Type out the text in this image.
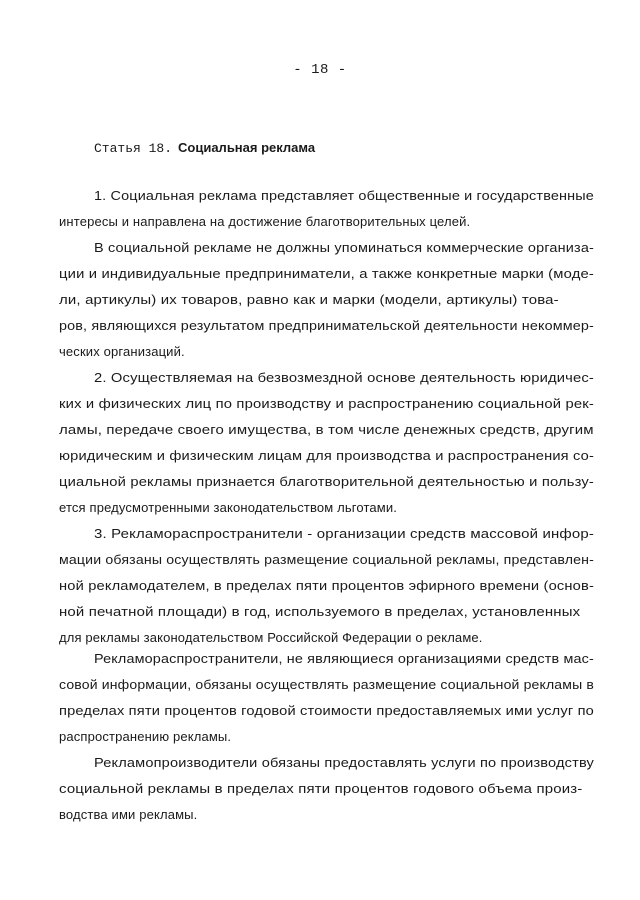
- 18 -
Статья 18. Социальная реклама
1. Социальная реклама представляет общественные и государственные
интересы и направлена на достижение благотворительных целей.
В социальной рекламе не должны упоминаться коммерческие организа-
ции и индивидуальные предприниматели, а также конкретные марки (моде-
ли, артикулы) их товаров, равно как и марки (модели, артикулы) това-
ров, являющихся результатом предпринимательской деятельности некоммер-
ческих организаций.
2. Осуществляемая на безвозмездной основе деятельность юридичес-
ких и физических лиц по производству и распространению социальной рек-
ламы, передаче своего имущества, в том числе денежных средств, другим
юридическим и физическим лицам для производства и распространения со-
циальной рекламы признается благотворительной деятельностью и пользу-
ется предусмотренными законодательством льготами.
3. Рекламораспространители - организации средств массовой инфор-
мации обязаны осуществлять размещение социальной рекламы, представлен-
ной рекламодателем, в пределах пяти процентов эфирного времени (основ-
ной печатной площади) в год, используемого в пределах, установленных
для рекламы законодательством Российской Федерации о рекламе.
Рекламораспространители, не являющиеся организациями средств мас-
совой информации, обязаны осуществлять размещение социальной рекламы в
пределах пяти процентов годовой стоимости предоставляемых ими услуг по
распространению рекламы.
Рекламопроизводители обязаны предоставлять услуги по производству
социальной рекламы в пределах пяти процентов годового объема произ-
водства ими рекламы.
